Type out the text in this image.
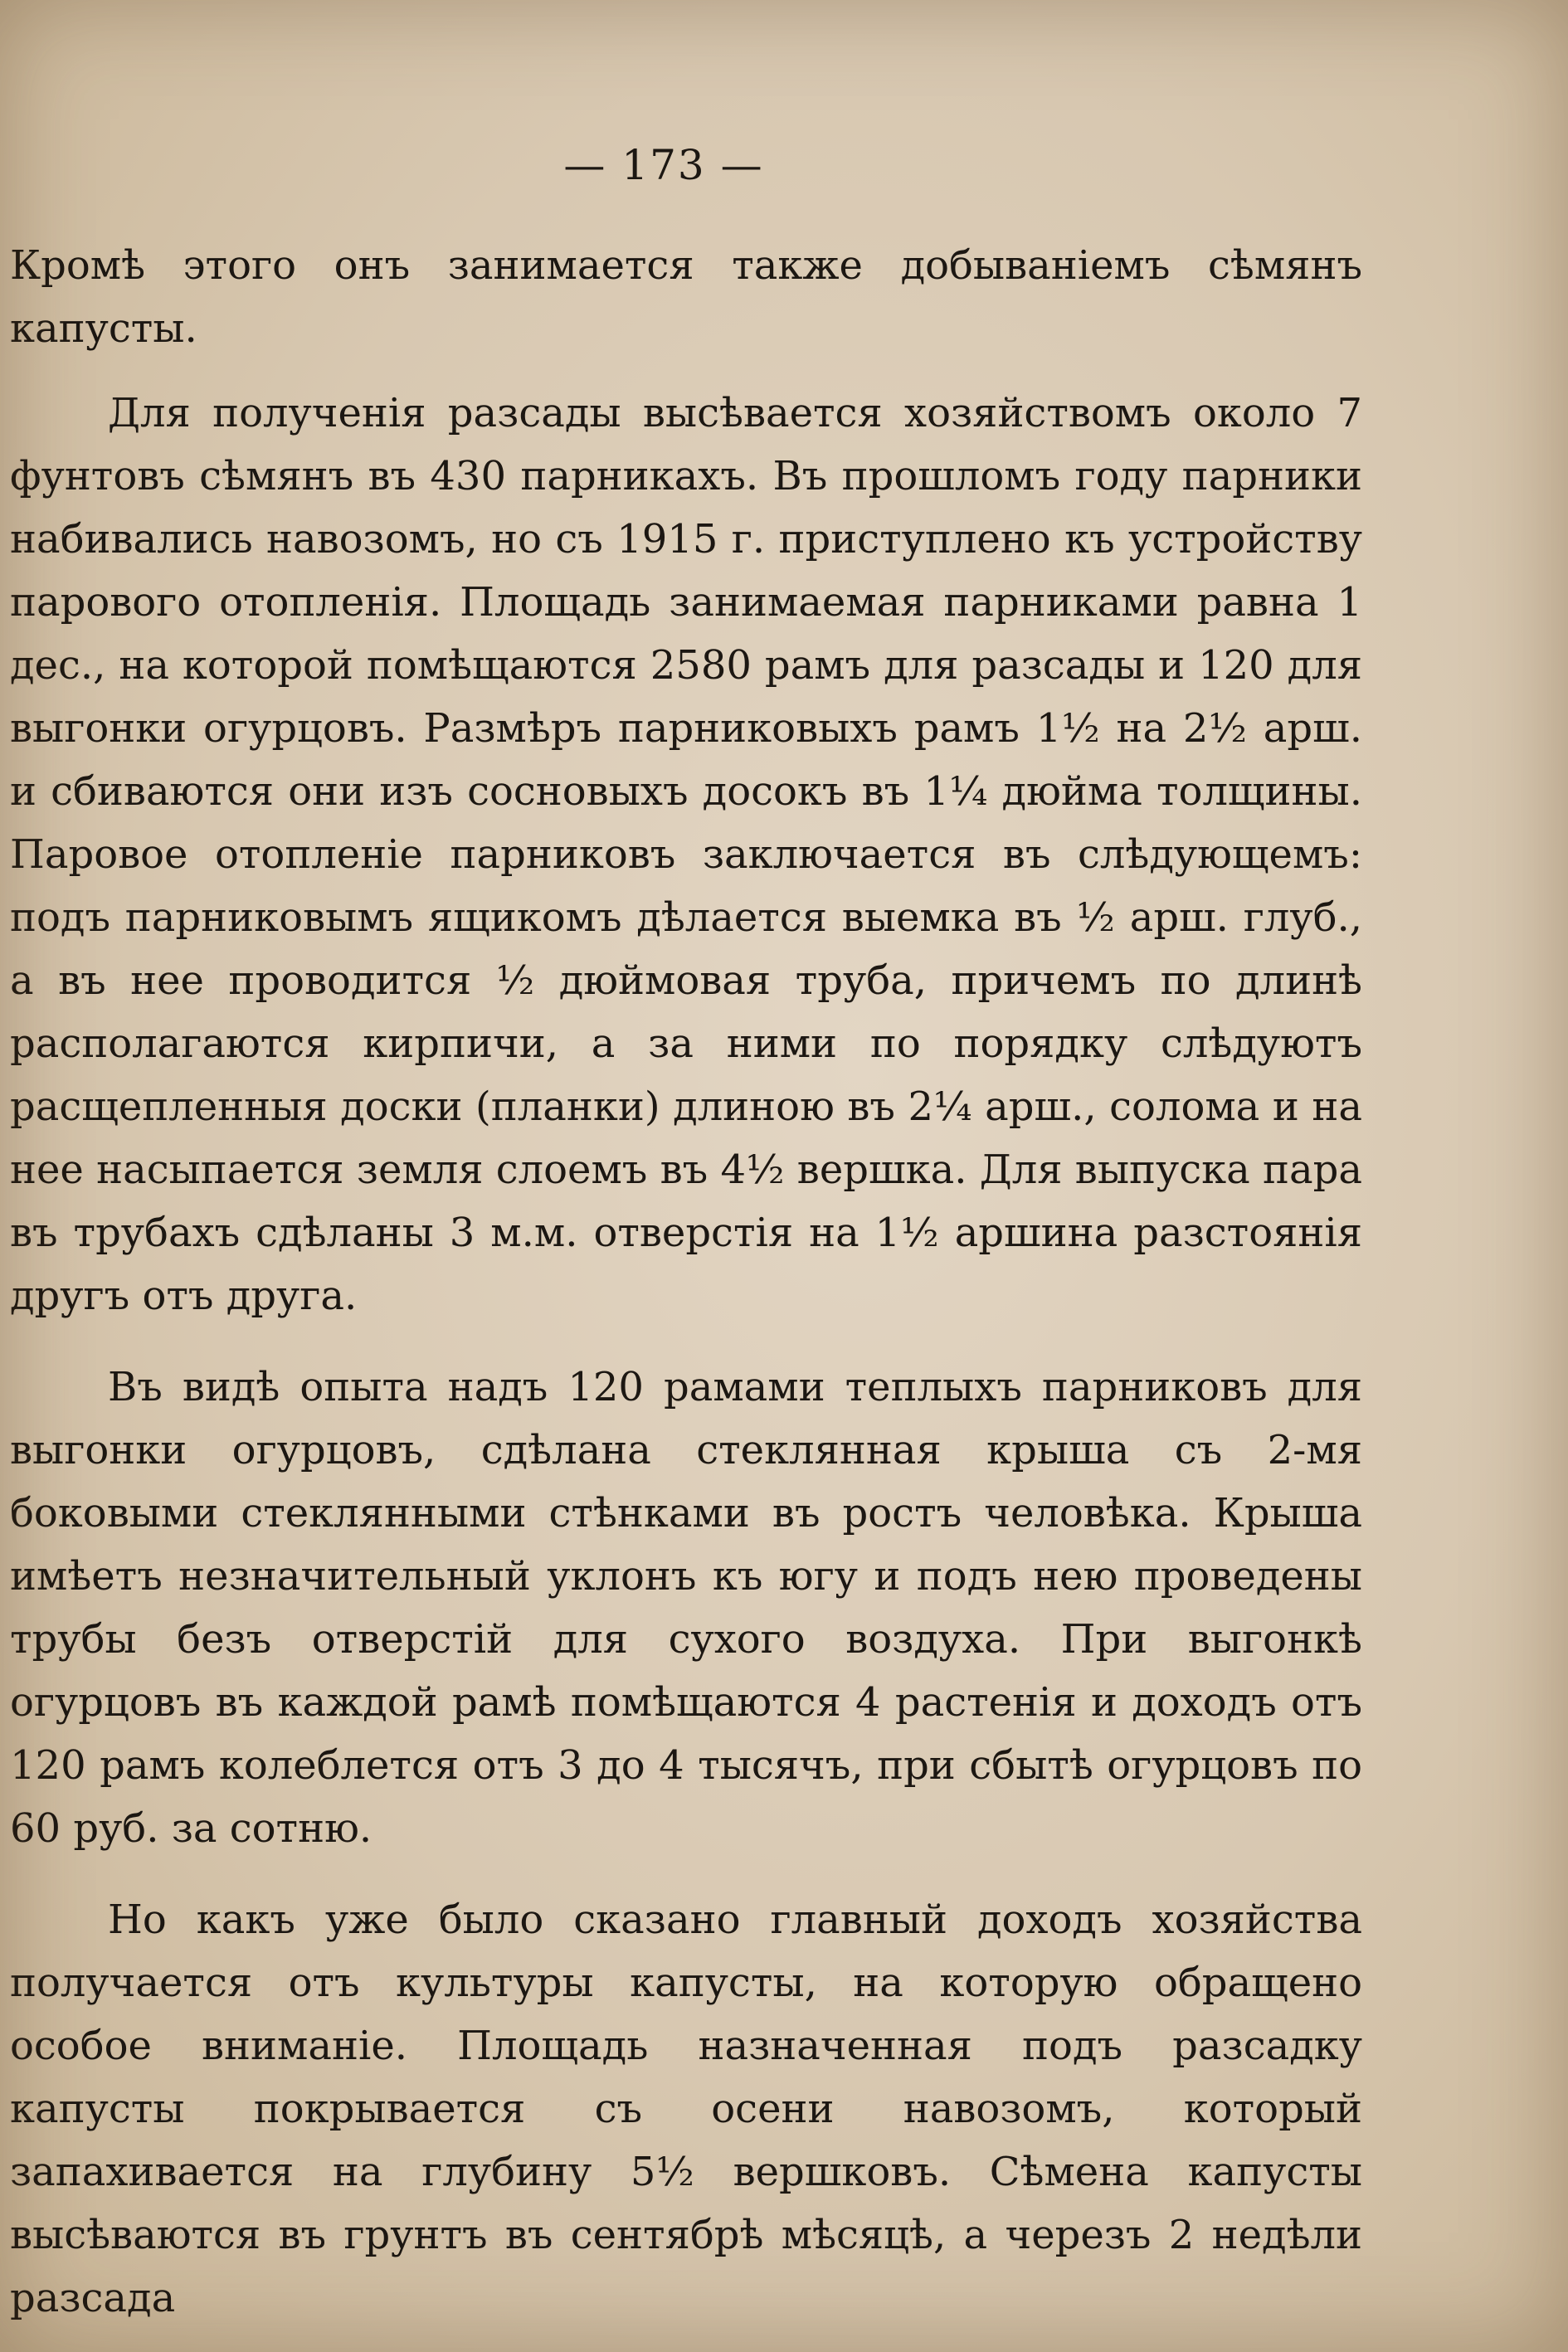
— 173 —

Кромѣ этого онъ занимается также добываніемъ сѣмянъ капусты.

Для полученія разсады высѣвается хозяйствомъ около 7 фунтовъ сѣмянъ въ 430 парникахъ. Въ прошломъ году парники набивались навозомъ, но съ 1915 г. приступлено къ устройству парового отопленія. Площадь занимаемая парниками равна 1 дес., на которой помѣщаются 2580 рамъ для разсады и 120 для выгонки огурцовъ. Размѣръ парниковыхъ рамъ 1½ на 2½ арш. и сбиваются они изъ сосновыхъ досокъ въ 1¼ дюйма толщины. Паровое отопленіе парниковъ заключается въ слѣдующемъ: подъ парниковымъ ящикомъ дѣлается выемка въ ½ арш. глуб., а въ нее проводится ½ дюймовая труба, причемъ по длинѣ располагаются кирпичи, а за ними по порядку слѣдуютъ расщепленныя доски (планки) длиною въ 2¼ арш., солома и на нее насыпается земля слоемъ въ 4½ вершка. Для выпуска пара въ трубахъ сдѣланы 3 м.м. отверстія на 1½ аршина разстоянія другъ отъ друга.

Въ видѣ опыта надъ 120 рамами теплыхъ парниковъ для выгонки огурцовъ, сдѣлана стеклянная крыша съ 2-мя боковыми стеклянными стѣнками въ ростъ человѣка. Крыша имѣетъ незначительный уклонъ къ югу и подъ нею проведены трубы безъ отверстій для сухого воздуха. При выгонкѣ огурцовъ въ каждой рамѣ помѣщаются 4 растенія и доходъ отъ 120 рамъ колеблется отъ 3 до 4 тысячъ, при сбытѣ огурцовъ по 60 руб. за сотню.

Но какъ уже было сказано главный доходъ хозяйства получается отъ культуры капусты, на которую обращено особое вниманіе. Площадь назначенная подъ разсадку капусты покрывается съ осени навозомъ, который запахивается на глубину 5½ вершковъ. Сѣмена капусты высѣваются въ грунтъ въ сентябрѣ мѣсяцѣ, а черезъ 2 недѣли разсада
